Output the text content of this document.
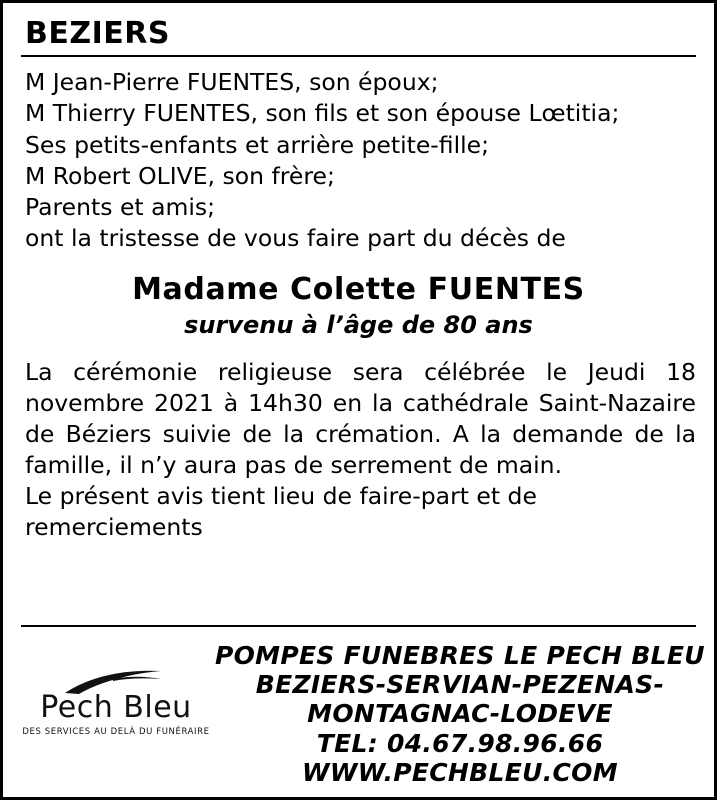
BEZIERS
M Jean-Pierre FUENTES, son époux;
M Thierry FUENTES, son fils et son épouse Lœtitia;
Ses petits-enfants et arrière petite-fille;
M Robert OLIVE, son frère;
Parents et amis;
ont la tristesse de vous faire part du décès de
Madame Colette FUENTES
survenu à l’âge de 80 ans

La cérémonie religieuse sera célébrée le Jeudi 18 novembre 2021 à 14h30 en la cathédrale Saint-Nazaire de Béziers suivie de la crémation. A la demande de la famille, il n’y aura pas de serrement de main.

Le présent avis tient lieu de faire-part et de remerciements

Pech Bleu
DES SERVICES AU DELÀ DU FUNÉRAIRE
POMPES FUNEBRES LE PECH BLEU
BEZIERS-SERVIAN-PEZENAS-
MONTAGNAC-LODEVE
TEL: 04.67.98.96.66
WWW.PECHBLEU.COM
